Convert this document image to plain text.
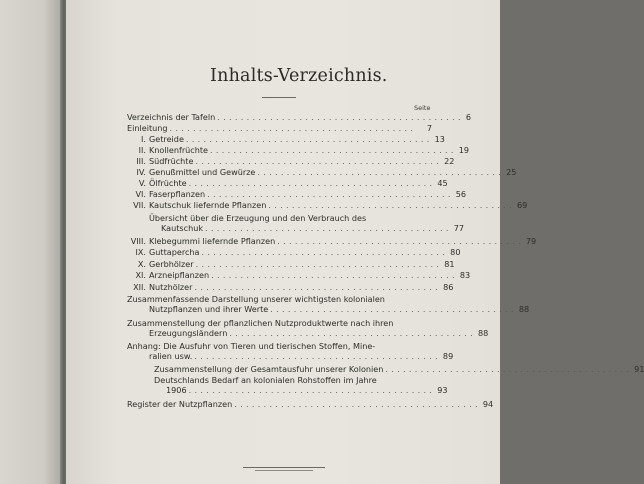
Inhalts-Verzeichnis.
Seite
Verzeichnis der Tafeln .......................................... 6
Einleitung ..........................................	7
I. Getreide .......................................... 13
II. Knollenfrüchte .......................................... 19
III. Südfrüchte .......................................... 22
IV. Genußmittel und Gewürze .......................................... 25
V. Ölfrüchte .......................................... 45
VI. Faserpflanzen .......................................... 56
VII. Kautschuk liefernde Pflanzen .......................................... 69
Übersicht über die Erzeugung und den Verbrauch des
Kautschuk .......................................... 77
VIII. Klebegummi liefernde Pflanzen .......................................... 79
IX. Guttapercha .......................................... 80
X. Gerbhölzer .......................................... 81
XI. Arzneipflanzen .......................................... 83
XII. Nutzhölzer .......................................... 86
Zusammenfassende Darstellung unserer wichtigsten kolonialen
Nutzpflanzen und ihrer Werte .......................................... 88
Zusammenstellung der pflanzlichen Nutzproduktwerte nach ihren
Erzeugungsländern .......................................... 88
Anhang: Die Ausfuhr von Tieren und tierischen Stoffen, Mine-
ralien usw. .......................................... 89
Zusammenstellung der Gesamtausfuhr unserer Kolonien .......................................... 91
Deutschlands Bedarf an kolonialen Rohstoffen im Jahre
1906 .......................................... 93
Register der Nutzpflanzen .......................................... 94
